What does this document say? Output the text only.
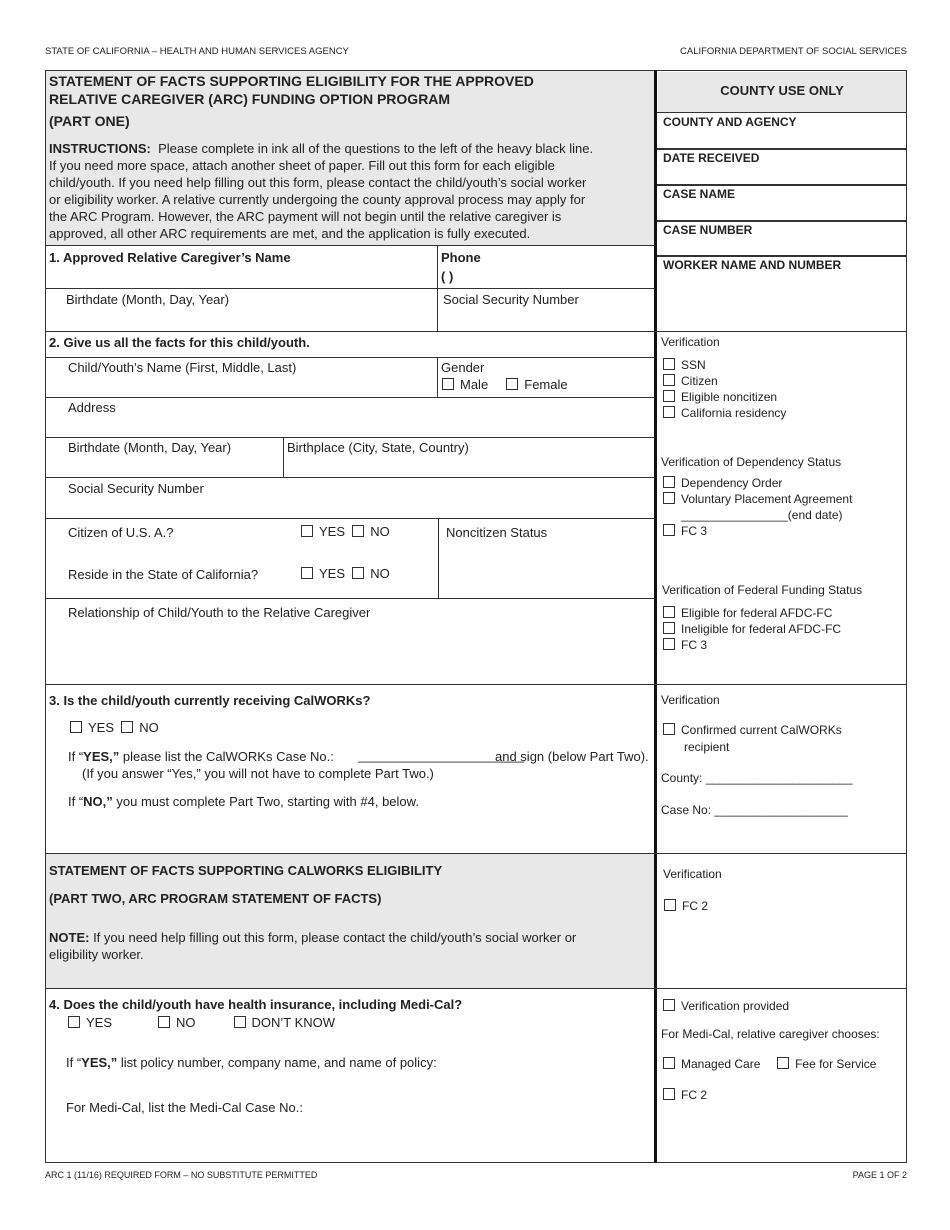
STATE OF CALIFORNIA – HEALTH AND HUMAN SERVICES AGENCY	CALIFORNIA DEPARTMENT OF SOCIAL SERVICES
STATEMENT OF FACTS SUPPORTING ELIGIBILITY FOR THE APPROVED
RELATIVE CAREGIVER (ARC) FUNDING OPTION PROGRAM
(PART ONE)
INSTRUCTIONS: Please complete in ink all of the questions to the left of the heavy black line.
If you need more space, attach another sheet of paper. Fill out this form for each eligible
child/youth. If you need help filling out this form, please contact the child/youth’s social worker
or eligibility worker. A relative currently undergoing the county approval process may apply for
the ARC Program. However, the ARC payment will not begin until the relative caregiver is
approved, all other ARC requirements are met, and the application is fully executed.
COUNTY USE ONLY
COUNTY AND AGENCY
DATE RECEIVED
CASE NAME
CASE NUMBER
WORKER NAME AND NUMBER
1. Approved Relative Caregiver’s Name	Phone
( )
Birthdate (Month, Day, Year)	Social Security Number
2. Give us all the facts for this child/youth.
Child/Youth’s Name (First, Middle, Last)	Gender
Male	Female
Address
Birthdate (Month, Day, Year)	Birthplace (City, State, Country)
Social Security Number
Citizen of U.S. A.?	YES NO	Noncitizen Status
Reside in the State of California?	YES NO
Relationship of Child/Youth to the Relative Caregiver
Verification
SSN
Citizen
Eligible noncitizen
California residency
Verification of Dependency Status
Dependency Order
Voluntary Placement Agreement
________________(end date)
FC 3
Verification of Federal Funding Status
Eligible for federal AFDC-FC
Ineligible for federal AFDC-FC
FC 3
3. Is the child/youth currently receiving CalWORKs?
YES NO
If “YES,” please list the CalWORKs Case No.: _______________________
and sign (below Part Two).
(If you answer “Yes,” you will not have to complete Part Two.)
If “NO,” you must complete Part Two, starting with #4, below.
Verification
Confirmed current CalWORKs
recipient
County: ______________________
Case No: ____________________
STATEMENT OF FACTS SUPPORTING CALWORKS ELIGIBILITY
(PART TWO, ARC PROGRAM STATEMENT OF FACTS)
NOTE: If you need help filling out this form, please contact the child/youth’s social worker or
eligibility worker.
Verification
FC 2
4. Does the child/youth have health insurance, including Medi-Cal?
YES	NO	DON’T KNOW
If “YES,” list policy number, company name, and name of policy:
For Medi-Cal, list the Medi-Cal Case No.:
Verification provided
For Medi-Cal, relative caregiver chooses:
Managed Care	Fee for Service
FC 2
ARC 1 (11/16) REQUIRED FORM – NO SUBSTITUTE PERMITTED	PAGE 1 OF 2
